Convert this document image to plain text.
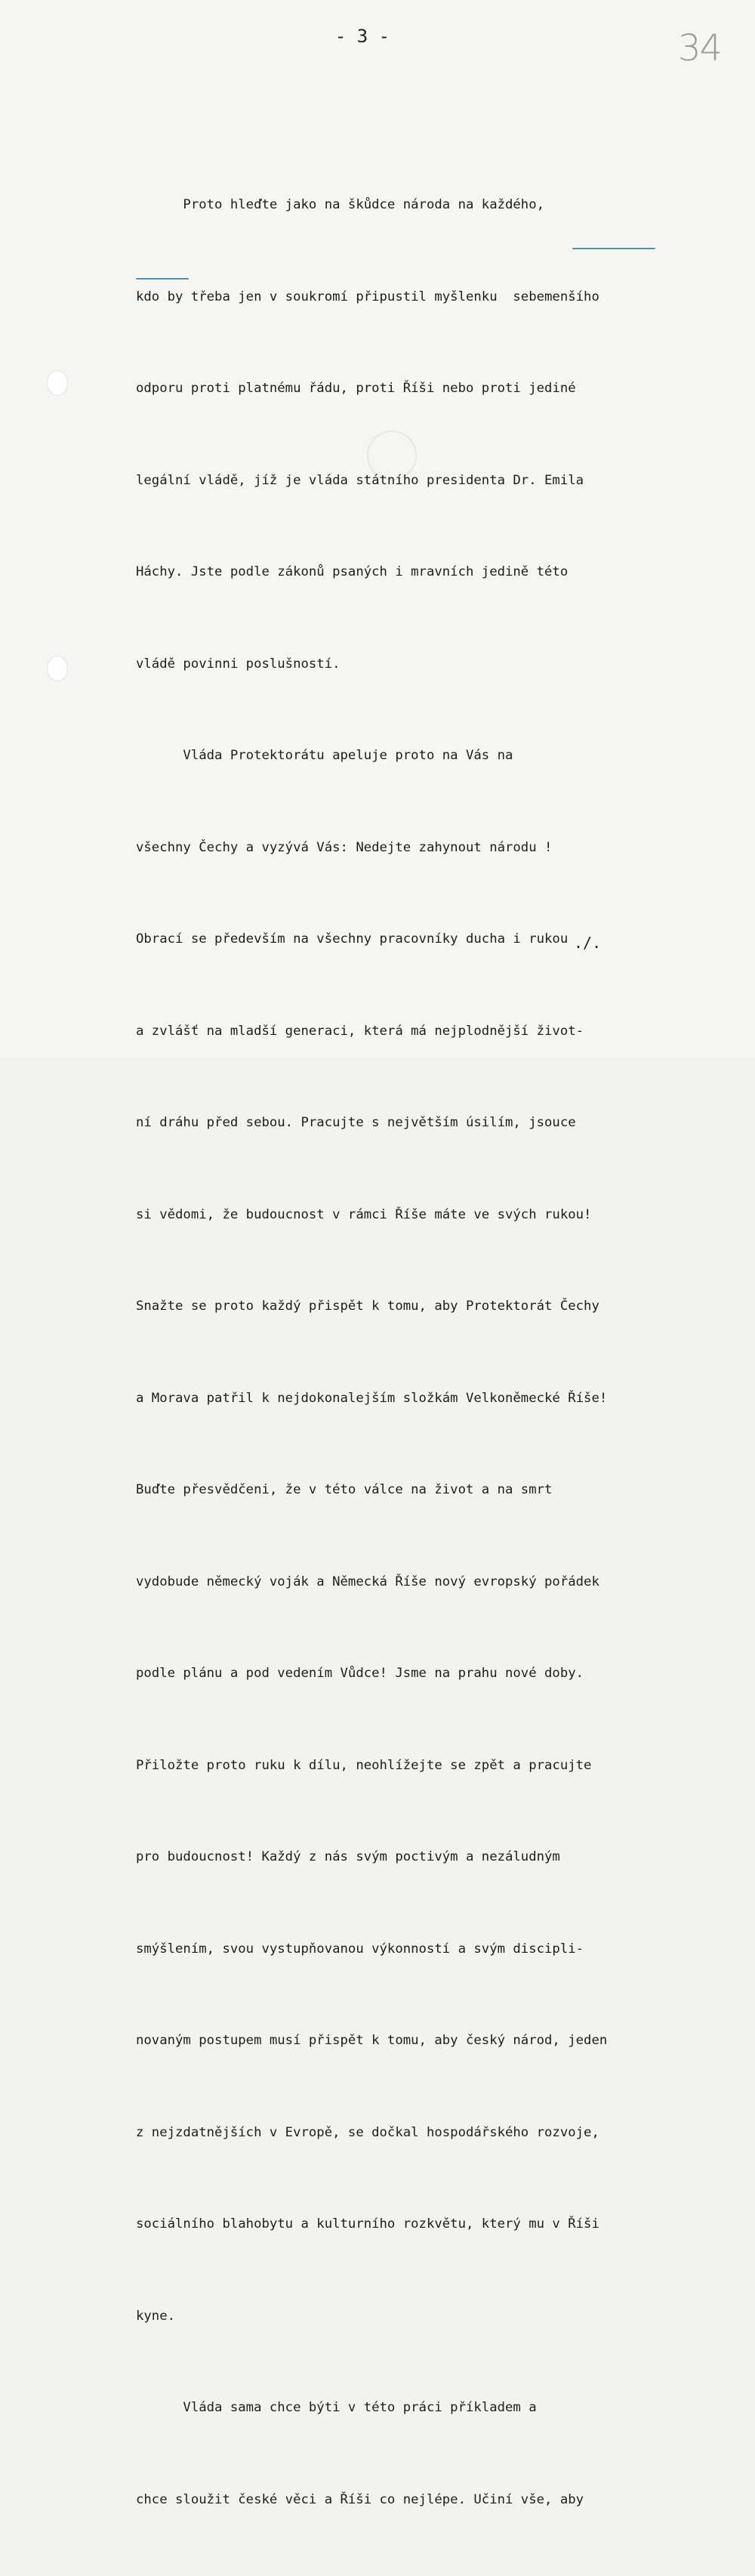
- 3 -	34

Proto hleďte jako na škůdce národa na každého,

kdo by třeba jen v soukromí připustil myšlenku  sebemenšího

odporu proti platnému řádu, proti Říši nebo proti jediné

legální vládě, jíž je vláda státního presidenta Dr. Emila

Háchy. Jste podle zákonů psaných i mravních jedině této

vládě povinni poslušností.

Vláda Protektorátu apeluje proto na Vás na

všechny Čechy a vyzývá Vás: Nedejte zahynout národu !

Obrací se především na všechny pracovníky ducha i rukou

a zvlášť na mladší generaci, která má nejplodnější život-

ní dráhu před sebou. Pracujte s největším úsilím, jsouce

si vědomi, že budoucnost v rámci Říše máte ve svých rukou!

Snažte se proto každý přispět k tomu, aby Protektorát Čechy

a Morava patřil k nejdokonalejším složkám Velkoněmecké Říše!

Buďte přesvědčeni, že v této válce na život a na smrt

vydobude německý voják a Německá Říše nový evropský pořádek

podle plánu a pod vedením Vůdce! Jsme na prahu nové doby.

Přiložte proto ruku k dílu, neohlížejte se zpět a pracujte

pro budoucnost! Každý z nás svým poctivým a nezáludným

smýšlením, svou vystupňovanou výkonností a svým discipli-

novaným postupem musí přispět k tomu, aby český národ, jeden

z nejzdatnějších v Evropě, se dočkal hospodářského rozvoje,

sociálního blahobytu a kulturního rozkvětu, který mu v Říši

kyne.

Vláda sama chce býti v této práci příkladem a

chce sloužit české věci a Říši co nejlépe. Učiní vše, aby

./.
